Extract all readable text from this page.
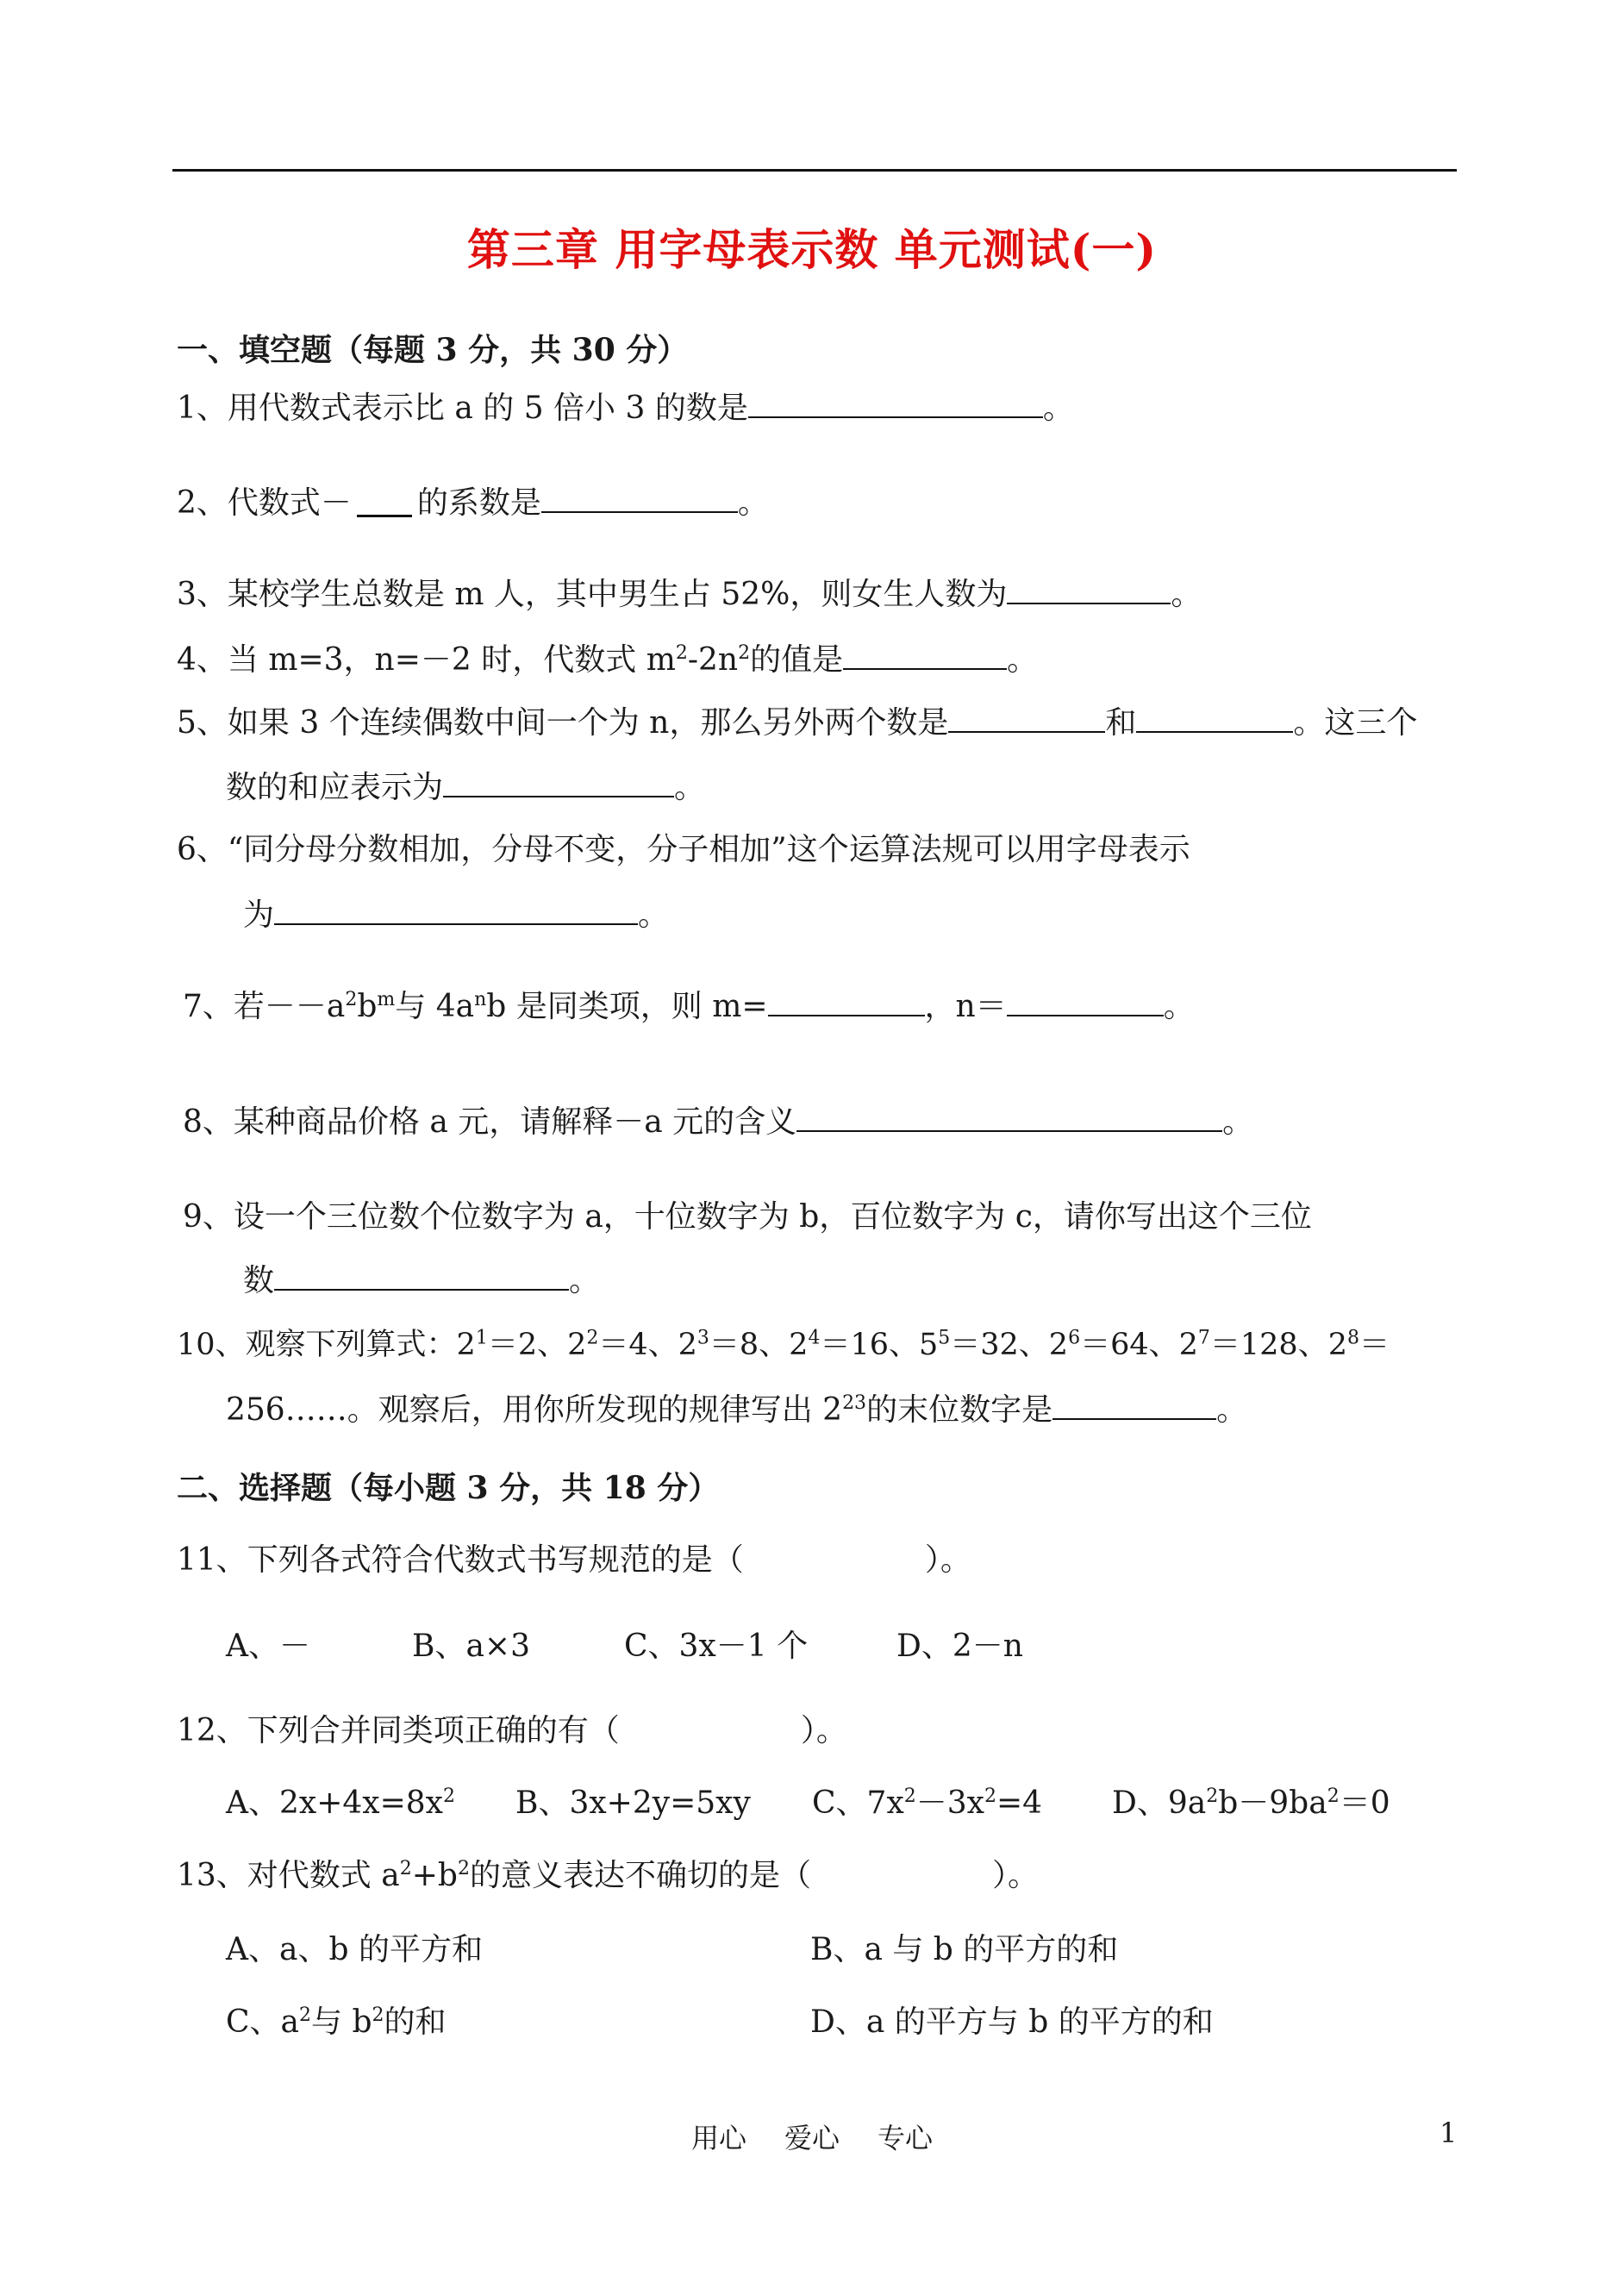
第三章 用字母表示数 单元测试(一)
一、填空题（每题 3 分，共 30 分）
1、用代数式表示比 a 的 5 倍小 3 的数是	。
2、代数式－ 的系数是	。
3、某校学生总数是 m 人，其中男生占 52%，则女生人数为	。
4、当 m=3，n=－2 时，代数式 $m^2-2n^2$的值是	。
5、如果 3 个连续偶数中间一个为 n，那么另外两个数是	和	。这三个
数的和应表示为	。
6、“同分母分数相加，分母不变，分子相加”这个运算法规可以用字母表示
为	。
7、若$--a^2b^m$与 $4a^nb$ 是同类项，则 m=	，n＝	。
8、某种商品价格 a 元，请解释－a 元的含义	。
9、设一个三位数个位数字为 a，十位数字为 b，百位数字为 c，请你写出这个三位
数	。
10、观察下列算式：$2^1=2$、$2^2=4$、$2^3=8$、$2^4=16$、$5^5=32$、$2^6=64$、$2^7=128$、$2^8=$
256……。观察后，用你所发现的规律写出 $2^{23}$的末位数字是	。
二、选择题（每小题 3 分，共 18 分）
11、下列各式符合代数式书写规范的是（	）。
A、－	B、a×3	C、3x－1 个	D、2－n
12、下列合并同类项正确的有（	）。
A、$2x+4x=8x^2$ B、3x+2y=5xy C、$7x^2-3x^2=4$ D、$9a^2b-9ba^2=0$
13、对代数式 $a^2+b^2$的意义表达不确切的是（	）。
A、a、b 的平方和	B、a 与 b 的平方的和
C、$a^2$与 $b^2$的和	D、a 的平方与 b 的平方的和
用心 爱心 专心	1
